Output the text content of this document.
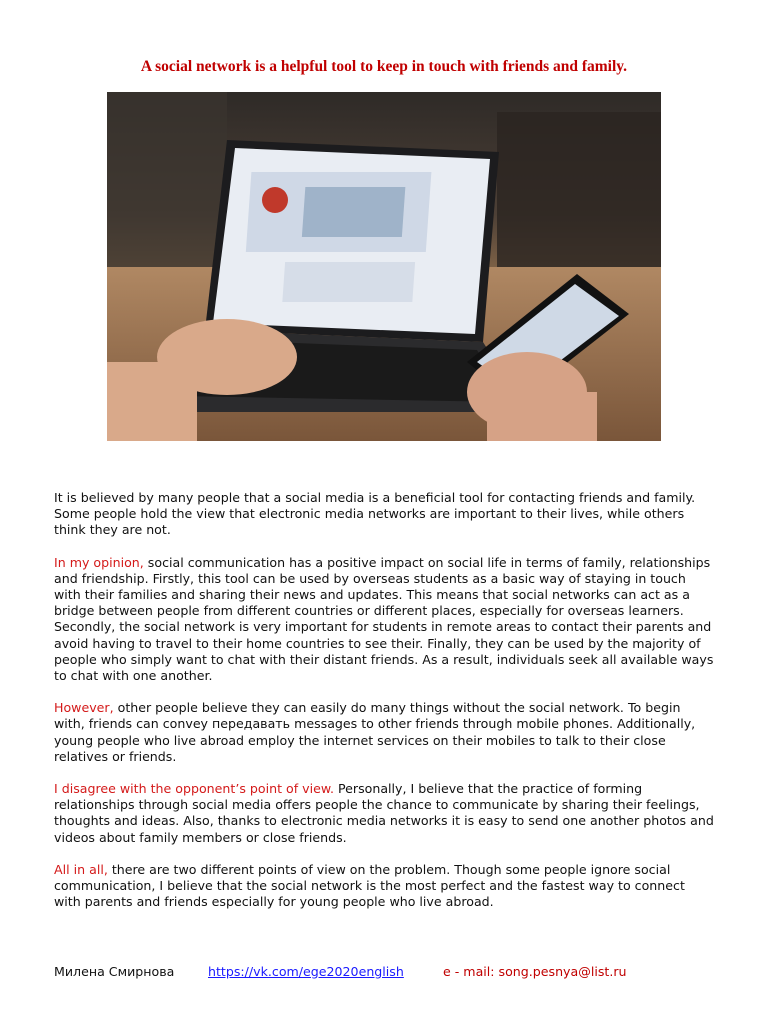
A social network is a helpful tool to keep in touch with friends and family.

It is believed by many people that a social media is a beneficial tool for contacting friends and family. Some people hold the view that electronic media networks are important to their lives, while others think they are not.

In my opinion, social communication has a positive impact on social life in terms of family, relationships and friendship. Firstly, this tool can be used by overseas students as a basic way of staying in touch with their families and sharing their news and updates. This means that social networks can act as a bridge between people from different countries or different places, especially for overseas learners. Secondly, the social network is very important for students in remote areas to contact their parents and avoid having to travel to their home countries to see their. Finally, they can be used by the majority of people who simply want to chat with their distant friends. As a result, individuals seek all available ways to chat with one another.

However, other people believe they can easily do many things without the social network. To begin with, friends can convey передавать messages to other friends through mobile phones. Additionally, young people who live abroad employ the internet services on their mobiles to talk to their close relatives or friends.

I disagree with the opponent’s point of view. Personally, I believe that the practice of forming relationships through social media offers people the chance to communicate by sharing their feelings, thoughts and ideas. Also, thanks to electronic media networks it is easy to send one another photos and videos about family members or close friends.

All in all, there are two different points of view on the problem. Though some people ignore social communication, I believe that the social network is the most perfect and the fastest way to connect with parents and friends especially for young people who live abroad.

Милена Смирнова	https://vk.com/ege2020english	e - mail: song.pesnya@list.ru
